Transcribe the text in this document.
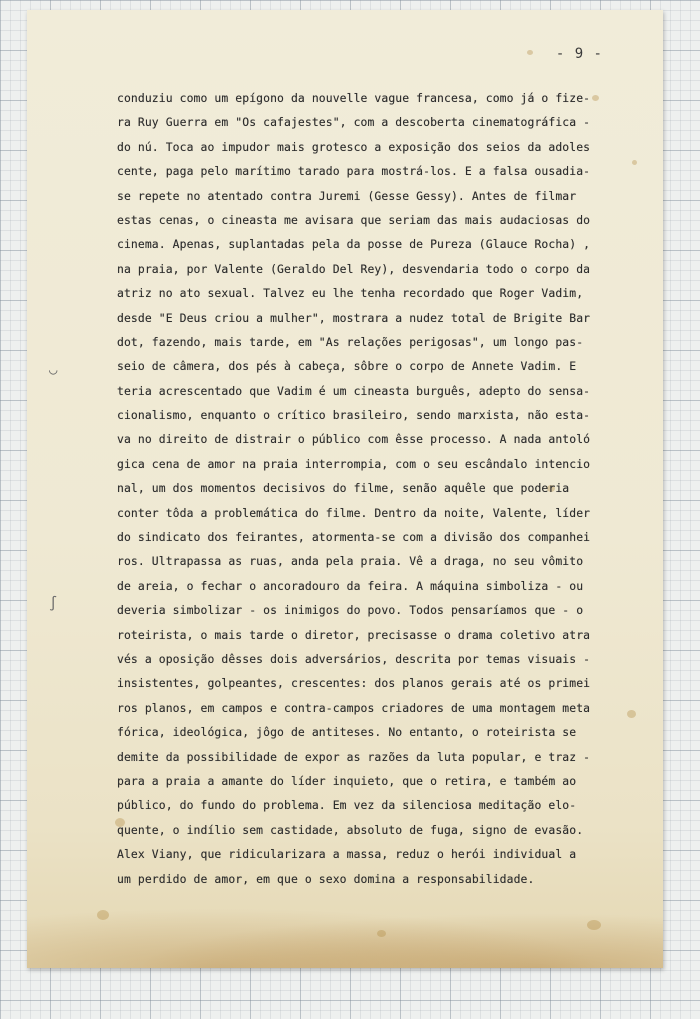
◡
∫
- 9 -
conduziu como um epígono da nouvelle vague francesa, como já o fize-
ra Ruy Guerra em "Os cafajestes", com a descoberta cinematográfica -
do nú. Toca ao impudor mais grotesco a exposição dos seios da adoles
cente, paga pelo marítimo tarado para mostrá-los. E a falsa ousadia-
se repete no atentado contra Juremi (Gesse Gessy). Antes de filmar
estas cenas, o cineasta me avisara que seriam das mais audaciosas do
cinema. Apenas, suplantadas pela da posse de Pureza (Glauce Rocha) ,
na praia, por Valente (Geraldo Del Rey), desvendaria todo o corpo da
atriz no ato sexual. Talvez eu lhe tenha recordado que Roger Vadim,
desde "E Deus criou a mulher", mostrara a nudez total de Brigite Bar
dot, fazendo, mais tarde, em "As relações perigosas", um longo pas-
seio de câmera, dos pés à cabeça, sôbre o corpo de Annete Vadim. E
teria acrescentado que Vadim é um cineasta burguês, adepto do sensa-
cionalismo, enquanto o crítico brasileiro, sendo marxista, não esta-
va no direito de distrair o público com êsse processo. A nada antoló
gica cena de amor na praia interrompia, com o seu escândalo intencio
nal, um dos momentos decisivos do filme, senão aquêle que poderia
conter tôda a problemática do filme. Dentro da noite, Valente, líder
do sindicato dos feirantes, atormenta-se com a divisão dos companhei
ros. Ultrapassa as ruas, anda pela praia. Vê a draga, no seu vômito
de areia, o fechar o ancoradouro da feira. A máquina simboliza - ou
deveria simbolizar - os inimigos do povo. Todos pensaríamos que - o
roteirista, o mais tarde o diretor, precisasse o drama coletivo atra
vés a oposição dêsses dois adversários, descrita por temas visuais -
insistentes, golpeantes, crescentes: dos planos gerais até os primei
ros planos, em campos e contra-campos criadores de uma montagem meta
fórica, ideológica, jôgo de antiteses. No entanto, o roteirista se
demite da possibilidade de expor as razões da luta popular, e traz -
para a praia a amante do líder inquieto, que o retira, e também ao
público, do fundo do problema. Em vez da silenciosa meditação elo-
quente, o indílio sem castidade, absoluto de fuga, signo de evasão.
Alex Viany, que ridicularizara a massa, reduz o herói individual a
um perdido de amor, em que o sexo domina a responsabilidade.
